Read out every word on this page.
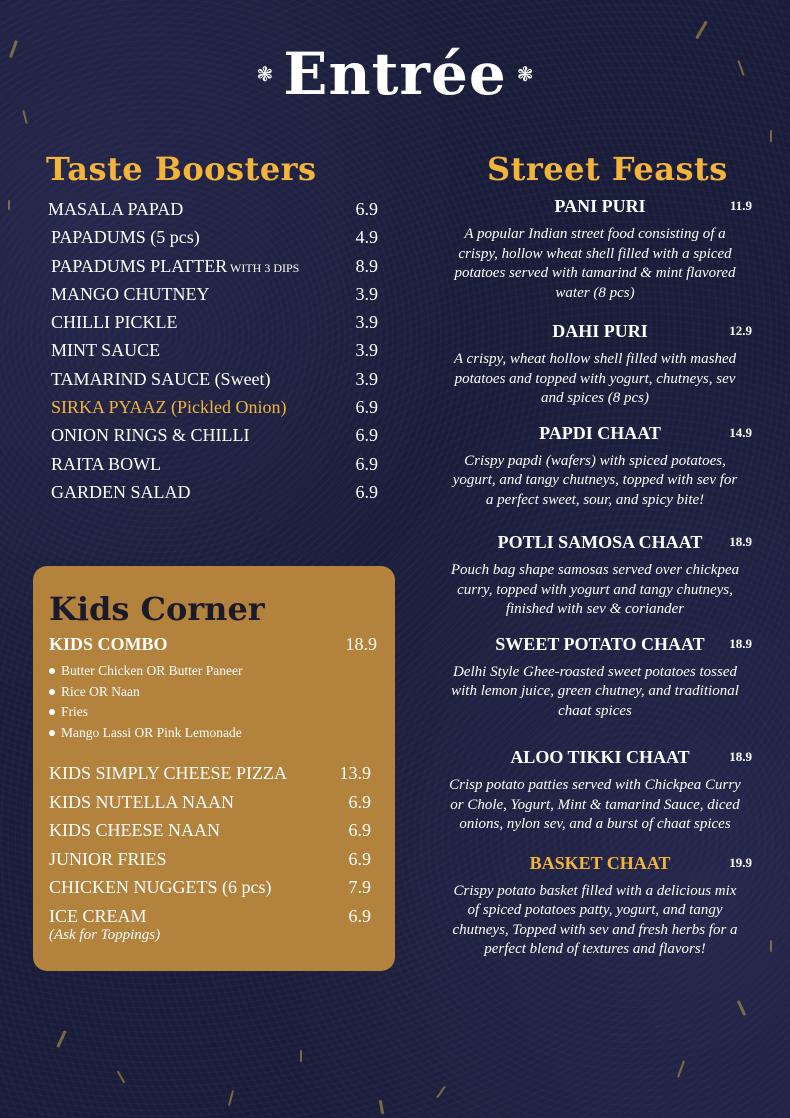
❃ Entrée ❃
Taste Boosters
MASALA PAPAD	6.9
PAPADUMS (5 pcs)	4.9
PAPADUMS PLATTER WITH 3 DIPS	8.9
MANGO CHUTNEY	3.9
CHILLI PICKLE	3.9
MINT SAUCE	3.9
TAMARIND SAUCE (Sweet)	3.9
SIRKA PYAAZ (Pickled Onion)	6.9
ONION RINGS & CHILLI	6.9
RAITA BOWL	6.9
GARDEN SALAD	6.9
Kids Corner
KIDS COMBO	18.9
Butter Chicken OR Butter Paneer
Rice OR Naan
Fries
Mango Lassi OR Pink Lemonade
KIDS SIMPLY CHEESE PIZZA	13.9
KIDS NUTELLA NAAN	6.9
KIDS CHEESE NAAN	6.9
JUNIOR FRIES	6.9
CHICKEN NUGGETS (6 pcs)	7.9
ICE CREAM	6.9
(Ask for Toppings)
Street Feasts
PANI PURI	11.9
A popular Indian street food consisting of a crispy, hollow wheat shell filled with a spiced potatoes served with tamarind & mint flavored water (8 pcs)
DAHI PURI	12.9
A crispy, wheat hollow shell filled with mashed potatoes and topped with yogurt, chutneys, sev and spices (8 pcs)
PAPDI CHAAT	14.9
Crispy papdi (wafers) with spiced potatoes, yogurt, and tangy chutneys, topped with sev for a perfect sweet, sour, and spicy bite!
POTLI SAMOSA CHAAT 18.9
Pouch bag shape samosas served over chickpea curry, topped with yogurt and tangy chutneys, finished with sev & coriander
SWEET POTATO CHAAT 18.9
Delhi Style Ghee-roasted sweet potatoes tossed with lemon juice, green chutney, and traditional chaat spices
ALOO TIKKI CHAAT	18.9
Crisp potato patties served with Chickpea Curry or Chole, Yogurt, Mint & tamarind Sauce, diced onions, nylon sev, and a burst of chaat spices
BASKET CHAAT	19.9
Crispy potato basket filled with a delicious mix of spiced potatoes patty, yogurt, and tangy chutneys, Topped with sev and fresh herbs for a perfect blend of textures and flavors!
